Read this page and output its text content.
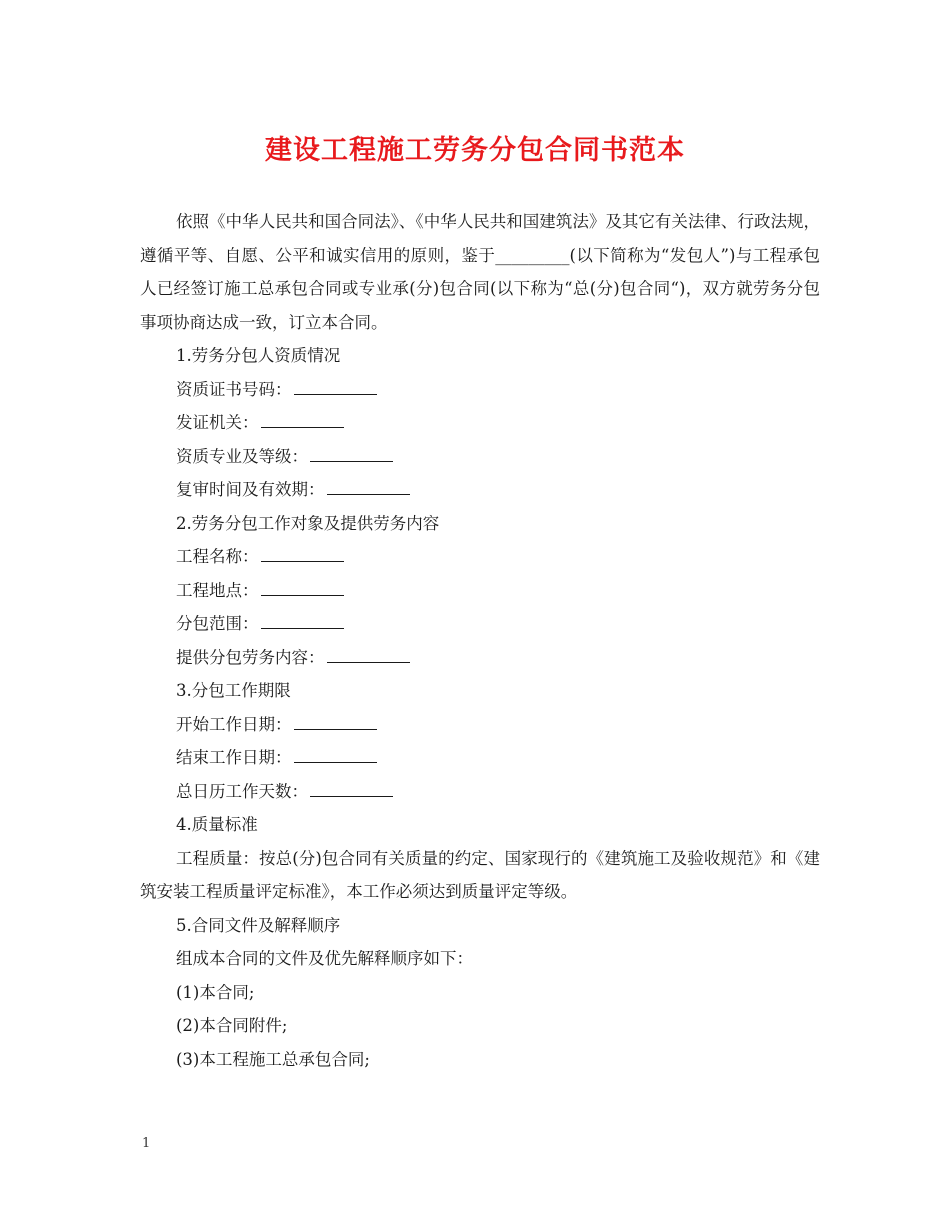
建设工程施工劳务分包合同书范本

依照《中华人民共和国合同法》、《中华人民共和国建筑法》及其它有关法律、行政法规，遵循平等、自愿、公平和诚实信用的原则，鉴于_________(以下简称为“发包人”)与工程承包人已经签订施工总承包合同或专业承(分)包合同(以下称为“总(分)包合同“)，双方就劳务分包事项协商达成一致，订立本合同。

1.劳务分包人资质情况

资质证书号码：

发证机关：

资质专业及等级：

复审时间及有效期：

2.劳务分包工作对象及提供劳务内容

工程名称：

工程地点：

分包范围：

提供分包劳务内容：

3.分包工作期限

开始工作日期：

结束工作日期：

总日历工作天数：

4.质量标准

工程质量：按总(分)包合同有关质量的约定、国家现行的《建筑施工及验收规范》和《建筑安装工程质量评定标准》，本工作必须达到质量评定等级。

5.合同文件及解释顺序

组成本合同的文件及优先解释顺序如下：

(1)本合同;

(2)本合同附件;

(3)本工程施工总承包合同;

1
